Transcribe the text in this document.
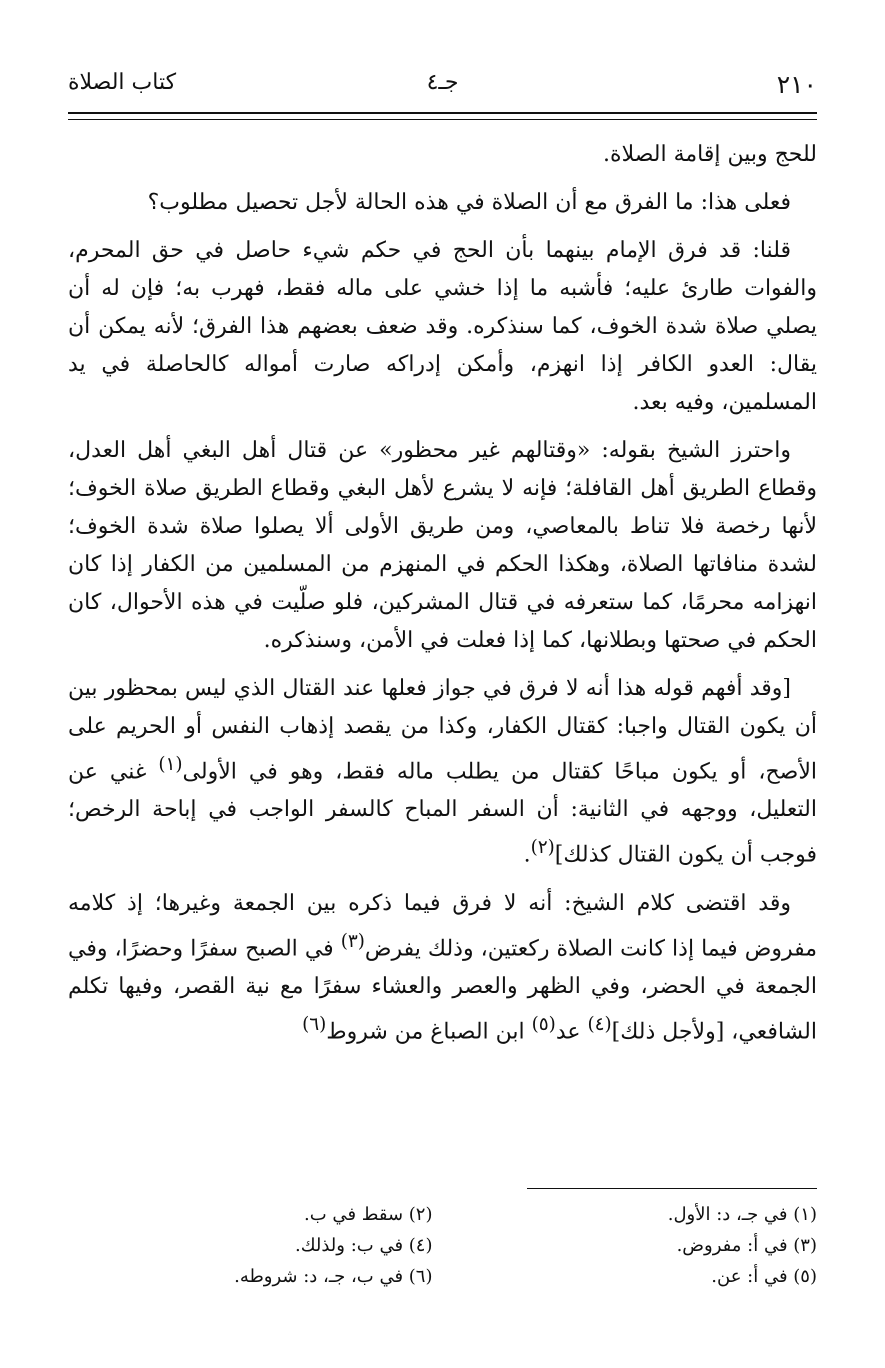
٢١٠
جـ٤
كتاب الصلاة

للحج وبين إقامة الصلاة.

فعلى هذا: ما الفرق مع أن الصلاة في هذه الحالة لأجل تحصيل مطلوب؟

قلنا: قد فرق الإمام بينهما بأن الحج في حكم شيء حاصل في حق المحرم، والفوات طارئ عليه؛ فأشبه ما إذا خشي على ماله فقط، فهرب به؛ فإن له أن يصلي صلاة شدة الخوف، كما سنذكره. وقد ضعف بعضهم هذا الفرق؛ لأنه يمكن أن يقال: العدو الكافر إذا انهزم، وأمكن إدراكه صارت أمواله كالحاصلة في يد المسلمين، وفيه بعد.

واحترز الشيخ بقوله: «وقتالهم غير محظور» عن قتال أهل البغي أهل العدل، وقطاع الطريق أهل القافلة؛ فإنه لا يشرع لأهل البغي وقطاع الطريق صلاة الخوف؛ لأنها رخصة فلا تناط بالمعاصي، ومن طريق الأولى ألا يصلوا صلاة شدة الخوف؛ لشدة منافاتها الصلاة، وهكذا الحكم في المنهزم من المسلمين من الكفار إذا كان انهزامه محرمًا، كما ستعرفه في قتال المشركين، فلو صلّيت في هذه الأحوال، كان الحكم في صحتها وبطلانها، كما إذا فعلت في الأمن، وسنذكره.

[وقد أفهم قوله هذا أنه لا فرق في جواز فعلها عند القتال الذي ليس بمحظور بين أن يكون القتال واجبا: كقتال الكفار، وكذا من يقصد إذهاب النفس أو الحريم على الأصح، أو يكون مباحًا كقتال من يطلب ماله فقط، وهو في الأولى$^{(١)}$ غني عن التعليل، ووجهه في الثانية: أن السفر المباح كالسفر الواجب في إباحة الرخص؛ فوجب أن يكون القتال كذلك]$^{(٢)}$.

وقد اقتضى كلام الشيخ: أنه لا فرق فيما ذكره بين الجمعة وغيرها؛ إذ كلامه مفروض فيما إذا كانت الصلاة ركعتين، وذلك يفرض$^{(٣)}$ في الصبح سفرًا وحضرًا، وفي الجمعة في الحضر، وفي الظهر والعصر والعشاء سفرًا مع نية القصر، وفيها تكلم الشافعي، [ولأجل ذلك]$^{(٤)}$ عد$^{(٥)}$ ابن الصباغ من شروط$^{(٦)}$

(١) في جـ، د: الأول.
(٢) سقط في ب.
(٣) في أ: مفروض.
(٤) في ب: ولذلك.
(٥) في أ: عن.
(٦) في ب، جـ، د: شروطه.
